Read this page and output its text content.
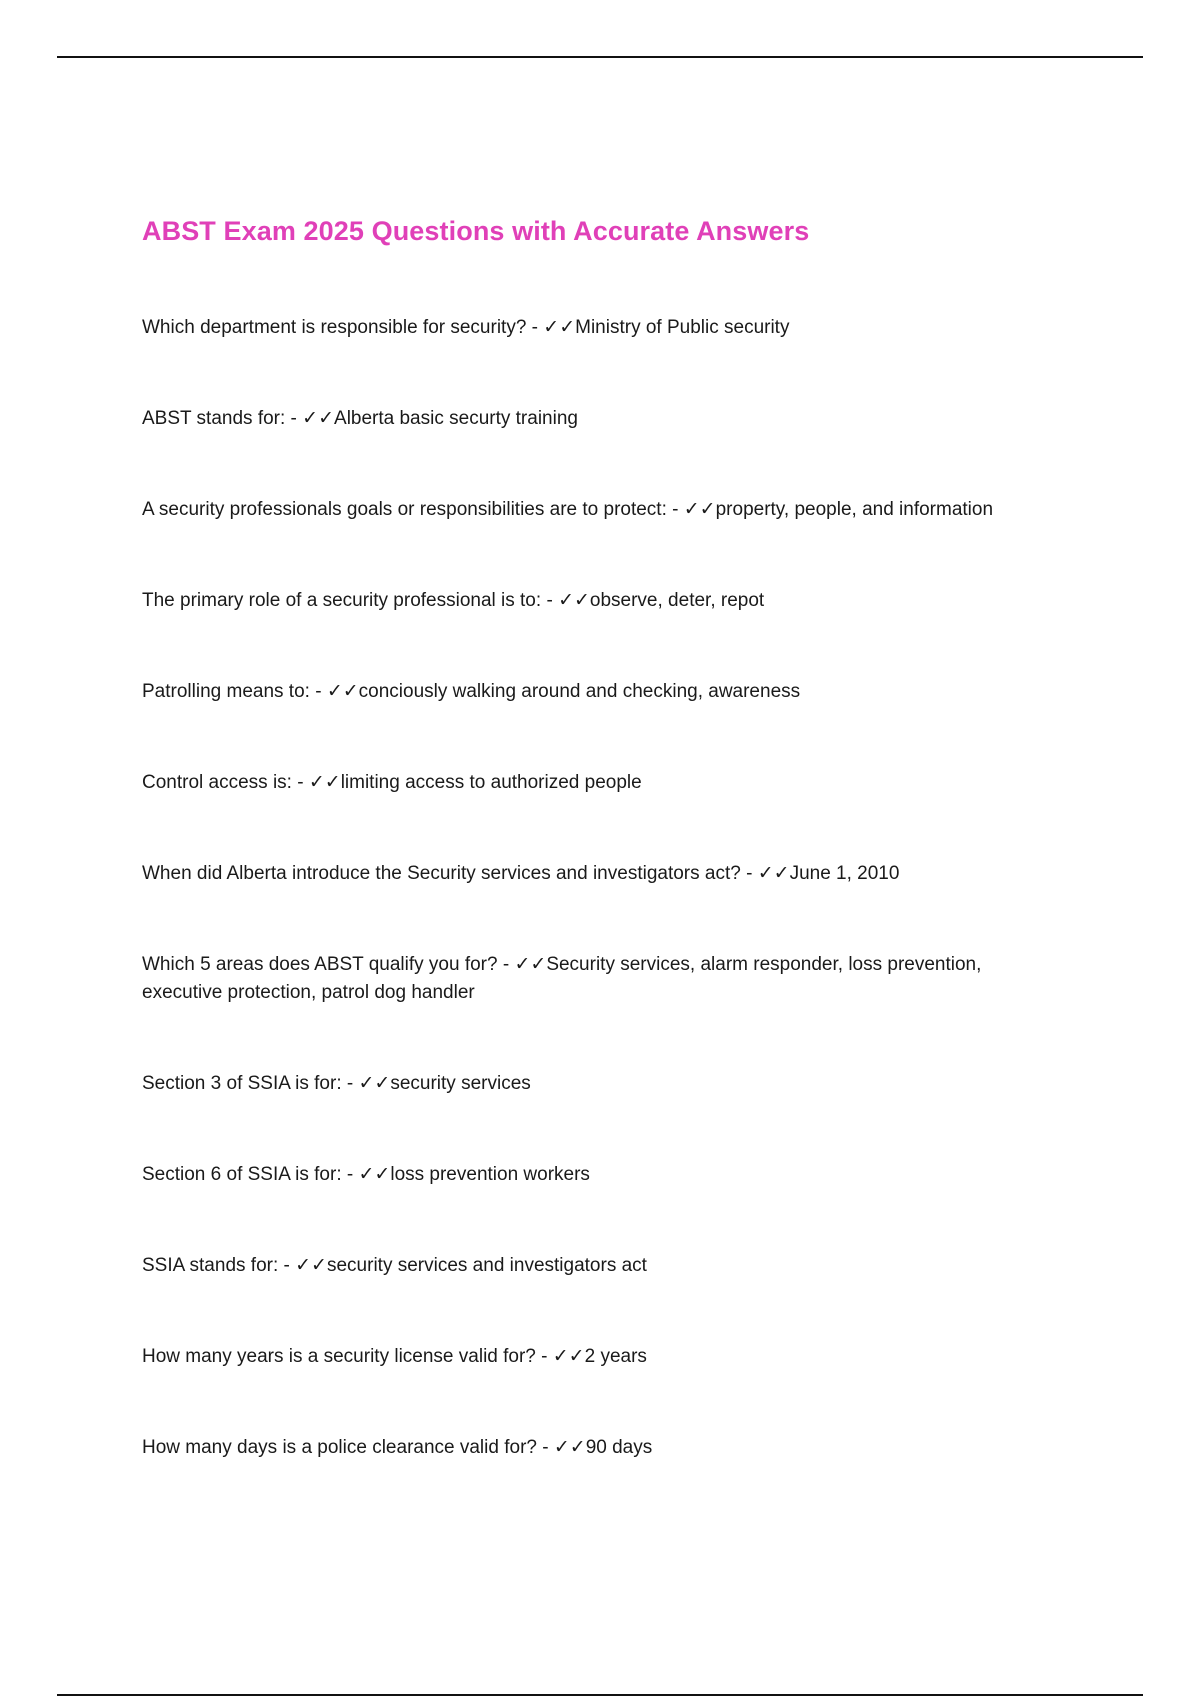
ABST Exam 2025 Questions with Accurate Answers
Which department is responsible for security? - ✓✓Ministry of Public security
ABST stands for: - ✓✓Alberta basic securty training
A security professionals goals or responsibilities are to protect: - ✓✓property, people, and information
The primary role of a security professional is to: - ✓✓observe, deter, repot
Patrolling means to: - ✓✓conciously walking around and checking, awareness
Control access is: - ✓✓limiting access to authorized people
When did Alberta introduce the Security services and investigators act? - ✓✓June 1, 2010
Which 5 areas does ABST qualify you for? - ✓✓Security services, alarm responder, loss prevention, executive protection, patrol dog handler
Section 3 of SSIA is for: - ✓✓security services
Section 6 of SSIA is for: - ✓✓loss prevention workers
SSIA stands for: - ✓✓security services and investigators act
How many years is a security license valid for? - ✓✓2 years
How many days is a police clearance valid for? - ✓✓90 days
